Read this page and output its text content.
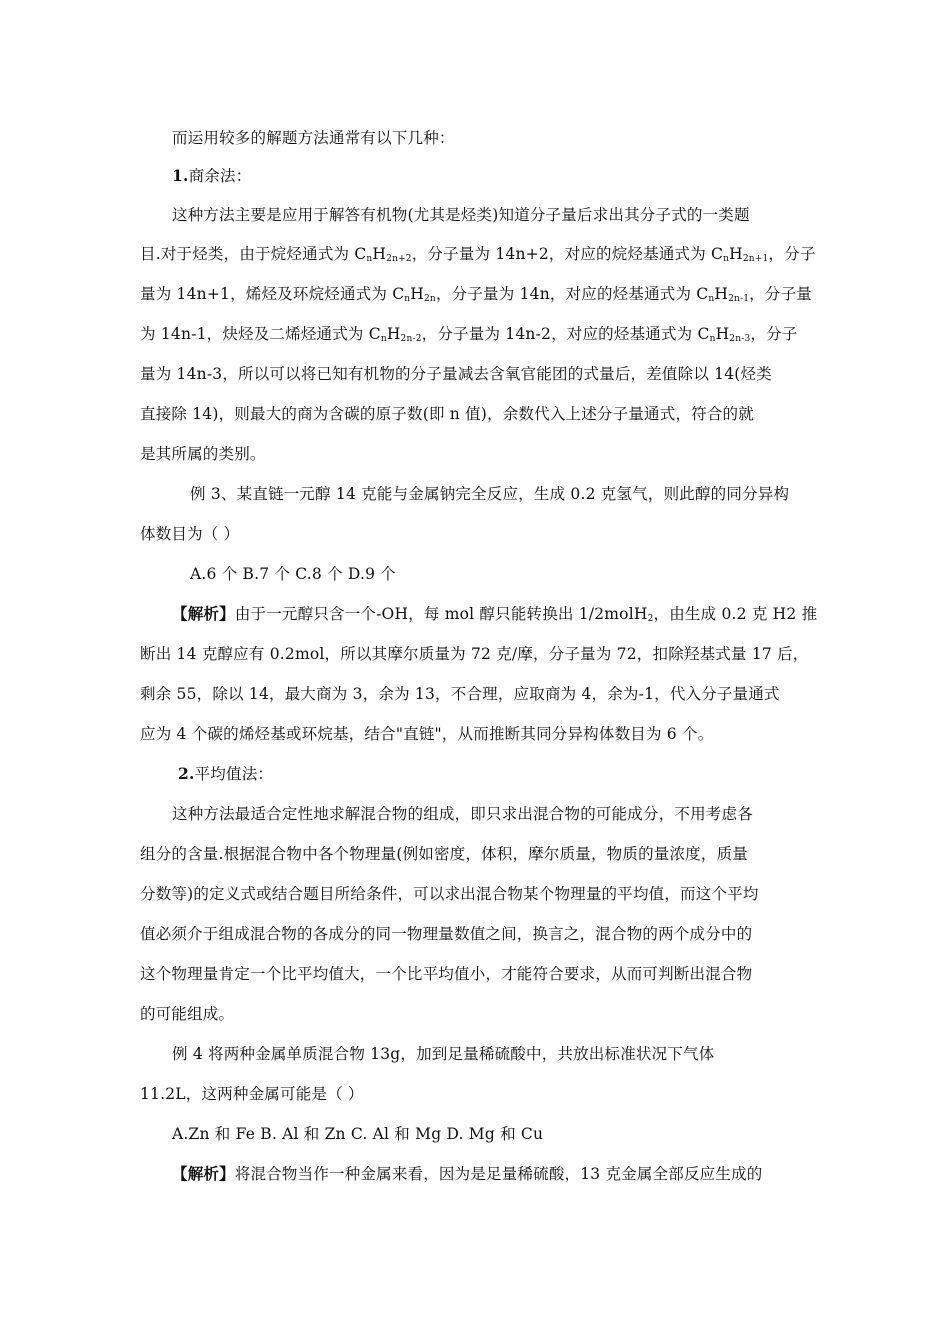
而运用较多的解题方法通常有以下几种：
1.商余法：
这种方法主要是应用于解答有机物(尤其是烃类)知道分子量后求出其分子式的一类题
目.对于烃类，由于烷烃通式为 $C_nH_{2n+2}$，分子量为 14n+2，对应的烷烃基通式为 $C_nH_{2n+1}$，分子
量为 14n+1，烯烃及环烷烃通式为 $C_nH_{2n}$，分子量为 14n，对应的烃基通式为 $C_nH_{2n-1}$，分子量
为 14n-1，炔烃及二烯烃通式为 $C_nH_{2n-2}$，分子量为 14n-2，对应的烃基通式为 $C_nH_{2n-3}$，分子
量为 14n-3，所以可以将已知有机物的分子量减去含氧官能团的式量后，差值除以 14(烃类
直接除 14)，则最大的商为含碳的原子数(即 n 值)，余数代入上述分子量通式，符合的就
是其所属的类别。
例 3、某直链一元醇 14 克能与金属钠完全反应，生成 0.2 克氢气，则此醇的同分异构
体数目为（ ）
A.6 个 B.7 个 C.8 个 D.9 个
【解析】由于一元醇只含一个-OH，每 mol 醇只能转换出 1/2molH$_2$，由生成 0.2 克 H2 推
断出 14 克醇应有 0.2mol，所以其摩尔质量为 72 克/摩，分子量为 72，扣除羟基式量 17 后，
剩余 55，除以 14，最大商为 3，余为 13，不合理，应取商为 4，余为-1，代入分子量通式
应为 4 个碳的烯烃基或环烷基，结合"直链"，从而推断其同分异构体数目为 6 个。
2.平均值法：
这种方法最适合定性地求解混合物的组成，即只求出混合物的可能成分，不用考虑各
组分的含量.根据混合物中各个物理量(例如密度，体积，摩尔质量，物质的量浓度，质量
分数等)的定义式或结合题目所给条件，可以求出混合物某个物理量的平均值，而这个平均
值必须介于组成混合物的各成分的同一物理量数值之间，换言之，混合物的两个成分中的
这个物理量肯定一个比平均值大，一个比平均值小，才能符合要求，从而可判断出混合物
的可能组成。
例 4 将两种金属单质混合物 13g，加到足量稀硫酸中，共放出标准状况下气体
11.2L，这两种金属可能是（ ）
A.Zn 和 Fe B. Al 和 Zn C. Al 和 Mg D. Mg 和 Cu
【解析】将混合物当作一种金属来看，因为是足量稀硫酸，13 克金属全部反应生成的
